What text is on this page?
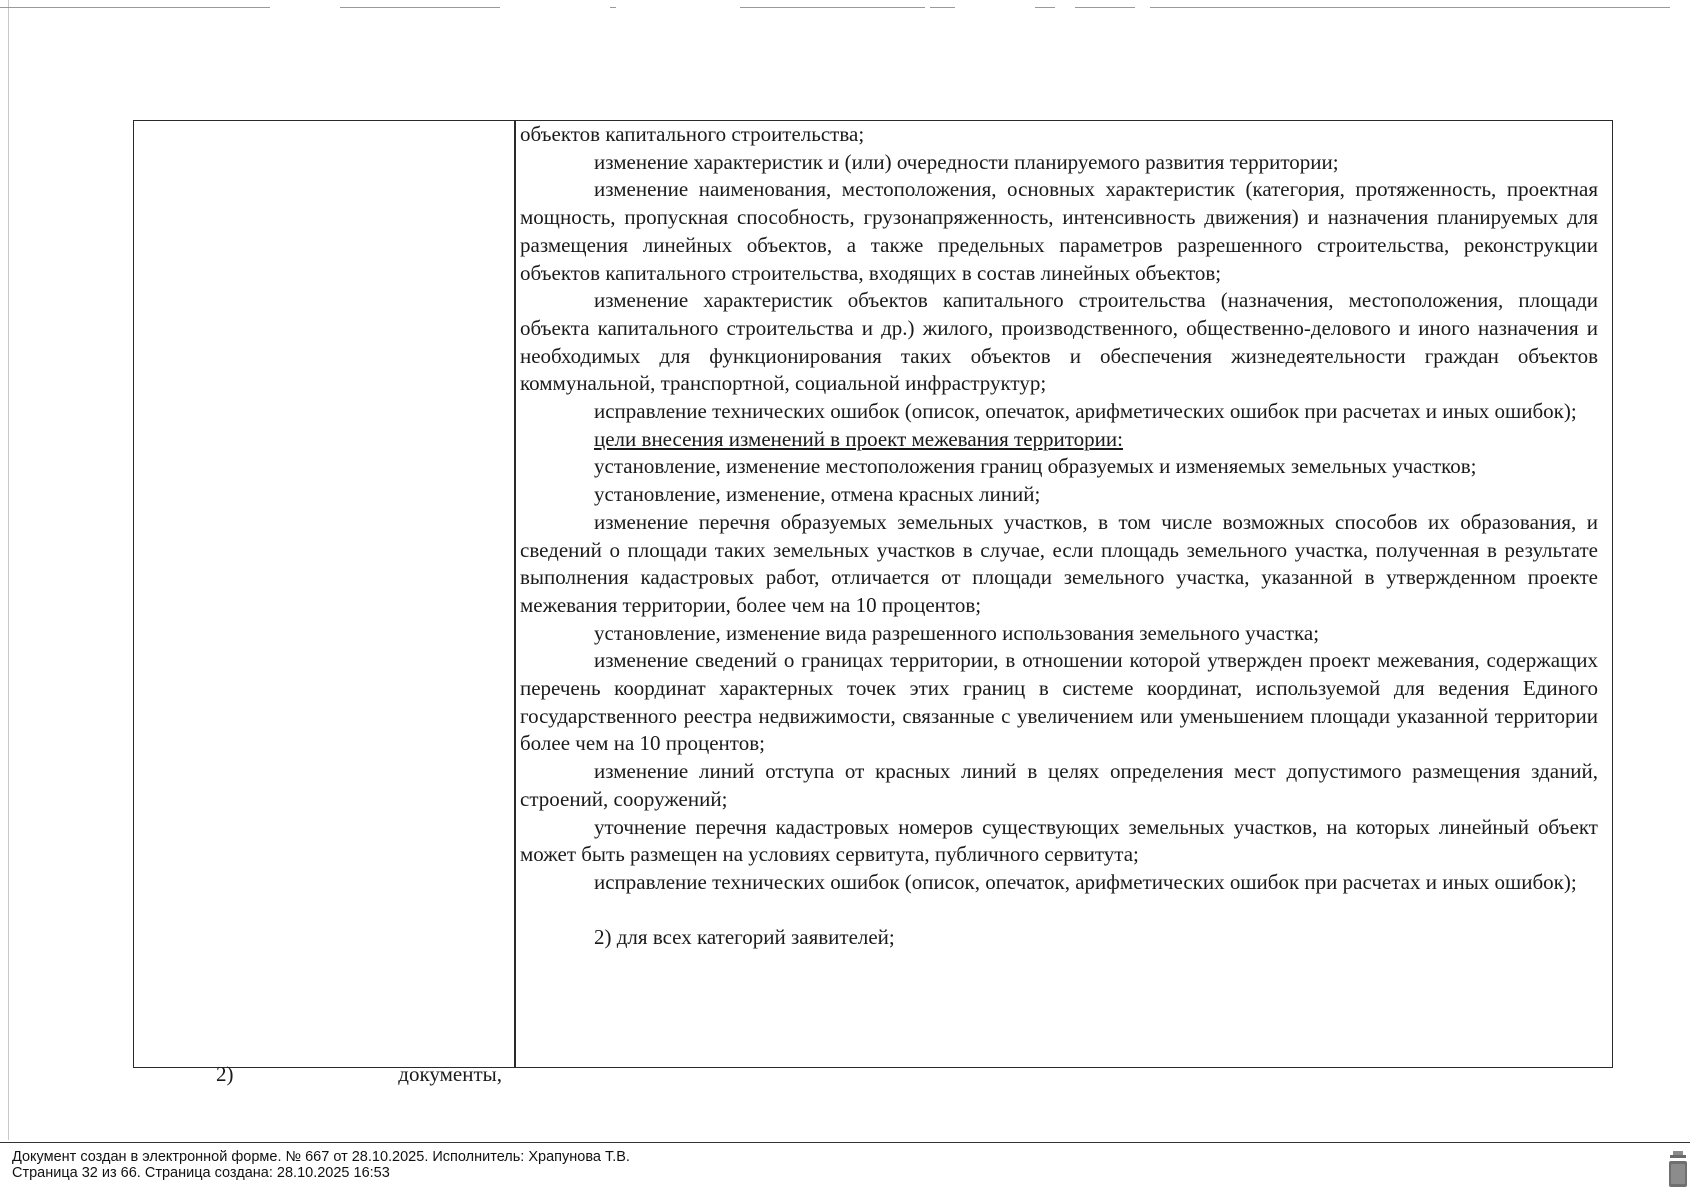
2)	документы,

объектов капитального строительства;

изменение характеристик и (или) очередности планируемого развития территории;

изменение наименования, местоположения, основных характеристик (категория, протяженность, проектная мощность, пропускная способность, грузонапряженность, интенсивность движения) и назначения планируемых для размещения линейных объектов, а также предельных параметров разрешенного строительства, реконструкции объектов капитального строительства, входящих в состав линейных объектов;

изменение характеристик объектов капитального строительства (назначения, местоположения, площади объекта капитального строительства и др.) жилого, производственного, общественно-делового и иного назначения и необходимых для функционирования таких объектов и обеспечения жизнедеятельности граждан объектов коммунальной, транспортной, социальной инфраструктур;

исправление технических ошибок (описок, опечаток, арифметических ошибок при расчетах и иных ошибок);

цели внесения изменений в проект межевания территории:

установление, изменение местоположения границ образуемых и изменяемых земельных участков;

установление, изменение, отмена красных линий;

изменение перечня образуемых земельных участков, в том числе возможных способов их образования, и сведений о площади таких земельных участков в случае, если площадь земельного участка, полученная в результате выполнения кадастровых работ, отличается от площади земельного участка, указанной в утвержденном проекте межевания территории, более чем на 10 процентов;

установление, изменение вида разрешенного использования земельного участка;

изменение сведений о границах территории, в отношении которой утвержден проект межевания, содержащих перечень координат характерных точек этих границ в системе координат, используемой для ведения Единого государственного реестра недвижимости, связанные с увеличением или уменьшением площади указанной территории более чем на 10 процентов;

изменение линий отступа от красных линий в целях определения мест допустимого размещения зданий, строений, сооружений;

уточнение перечня кадастровых номеров существующих земельных участков, на которых линейный объект может быть размещен на условиях сервитута, публичного сервитута;

исправление технических ошибок (описок, опечаток, арифметических ошибок при расчетах и иных ошибок);

2) для всех категорий заявителей;

Документ создан в электронной форме. № 667 от 28.10.2025. Исполнитель: Храпунова Т.В.
Страница 32 из 66. Страница создана: 28.10.2025 16:53
